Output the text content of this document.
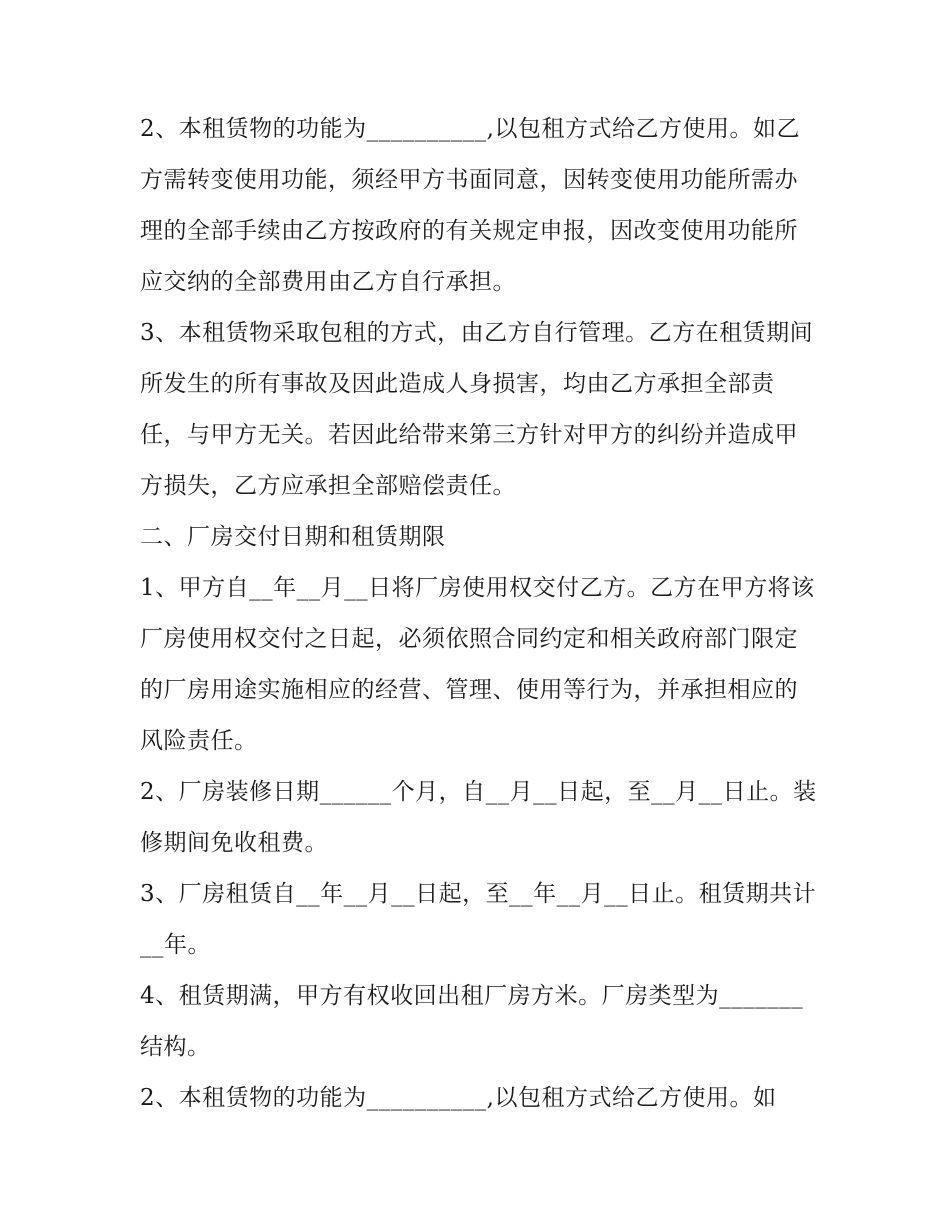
2、本租赁物的功能为__________,以包租方式给乙方使用。如乙方需转变使用功能，须经甲方书面同意，因转变使用功能所需办理的全部手续由乙方按政府的有关规定申报，因改变使用功能所应交纳的全部费用由乙方自行承担。

3、本租赁物采取包租的方式，由乙方自行管理。乙方在租赁期间所发生的所有事故及因此造成人身损害，均由乙方承担全部责任，与甲方无关。若因此给带来第三方针对甲方的纠纷并造成甲方损失，乙方应承担全部赔偿责任。

二、厂房交付日期和租赁期限

1、甲方自__年__月__日将厂房使用权交付乙方。乙方在甲方将该厂房使用权交付之日起，必须依照合同约定和相关政府部门限定的厂房用途实施相应的经营、管理、使用等行为，并承担相应的风险责任。

2、厂房装修日期______个月，自__月__日起，至__月__日止。装修期间免收租费。

3、厂房租赁自__年__月__日起，至__年__月__日止。租赁期共计__年。

4、租赁期满，甲方有权收回出租厂房方米。厂房类型为_______结构。

2、本租赁物的功能为__________,以包租方式给乙方使用。如
